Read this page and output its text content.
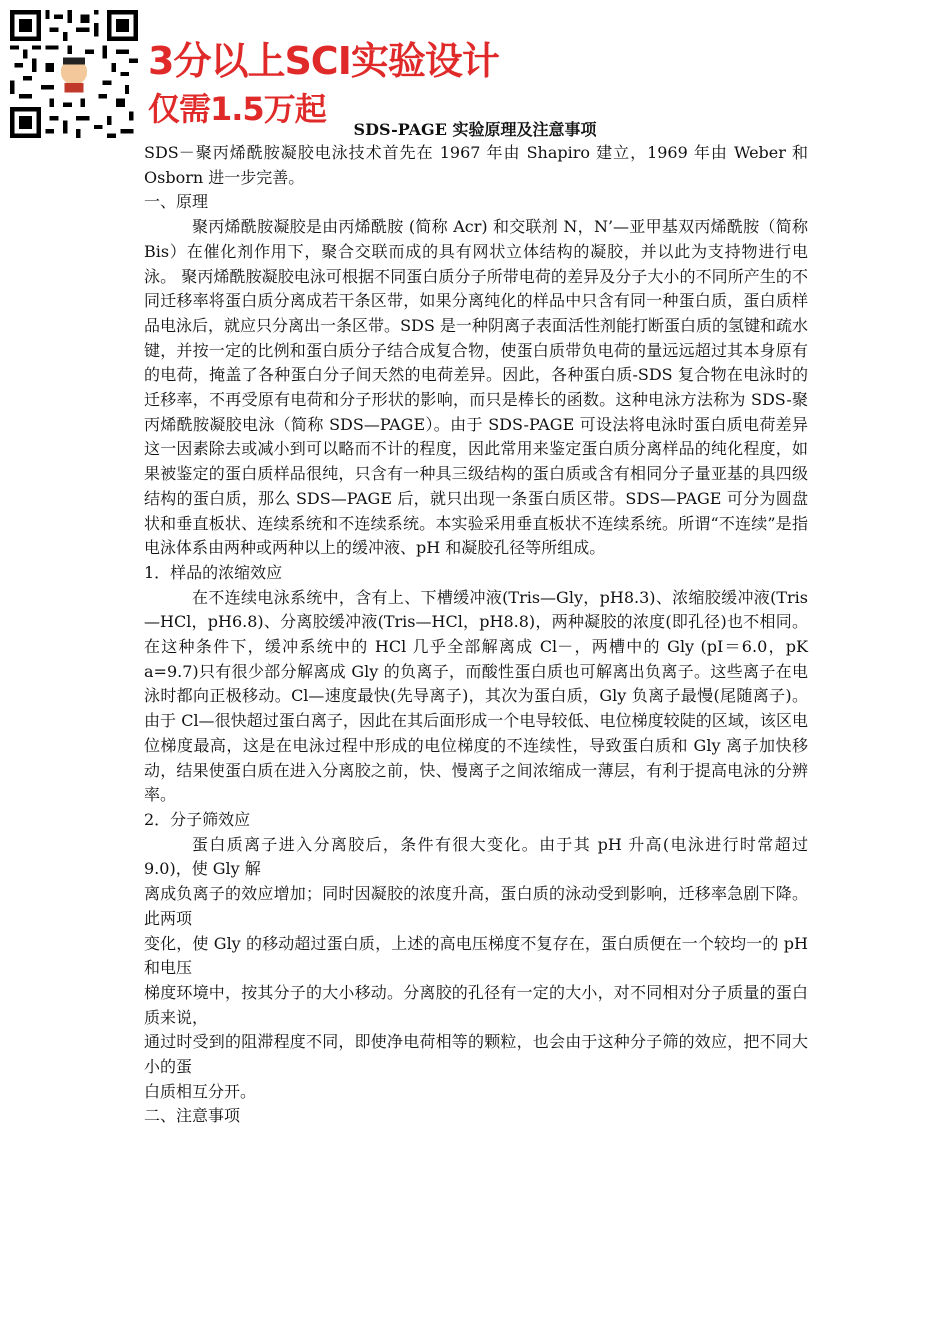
3分以上SCI实验设计
仅需1.5万起
SDS-PAGE 实验原理及注意事项

SDS－聚丙烯酰胺凝胶电泳技术首先在 1967 年由 Shapiro 建立，1969 年由 Weber 和 Osborn 进一步完善。

一、原理

聚丙烯酰胺凝胶是由丙烯酰胺 (简称 Acr) 和交联剂 N，N’—亚甲基双丙烯酰胺（简称 Bis）在催化剂作用下，聚合交联而成的具有网状立体结构的凝胶，并以此为支持物进行电泳。 聚丙烯酰胺凝胶电泳可根据不同蛋白质分子所带电荷的差异及分子大小的不同所产生的不同迁移率将蛋白质分离成若干条区带，如果分离纯化的样品中只含有同一种蛋白质，蛋白质样品电泳后，就应只分离出一条区带。SDS 是一种阴离子表面活性剂能打断蛋白质的氢键和疏水键，并按一定的比例和蛋白质分子结合成复合物，使蛋白质带负电荷的量远远超过其本身原有的电荷，掩盖了各种蛋白分子间天然的电荷差异。因此，各种蛋白质-SDS 复合物在电泳时的迁移率，不再受原有电荷和分子形状的影响，而只是棒长的函数。这种电泳方法称为 SDS-聚丙烯酰胺凝胶电泳（简称 SDS—PAGE）。由于 SDS-PAGE 可设法将电泳时蛋白质电荷差异这一因素除去或减小到可以略而不计的程度，因此常用来鉴定蛋白质分离样品的纯化程度，如果被鉴定的蛋白质样品很纯，只含有一种具三级结构的蛋白质或含有相同分子量亚基的具四级结构的蛋白质，那么 SDS—PAGE 后，就只出现一条蛋白质区带。SDS—PAGE 可分为圆盘状和垂直板状、连续系统和不连续系统。本实验采用垂直板状不连续系统。所谓“不连续”是指电泳体系由两种或两种以上的缓冲液、pH 和凝胶孔径等所组成。

1．样品的浓缩效应

在不连续电泳系统中，含有上、下槽缓冲液(Tris—Gly，pH8.3)、浓缩胶缓冲液(Tris—HCl，pH6.8)、分离胶缓冲液(Tris—HCl，pH8.8)，两种凝胶的浓度(即孔径)也不相同。在这种条件下，缓冲系统中的 HCl 几乎全部解离成 Cl－，两槽中的 Gly (pI＝6.0，pK a=9.7)只有很少部分解离成 Gly 的负离子，而酸性蛋白质也可解离出负离子。这些离子在电泳时都向正极移动。Cl—速度最快(先导离子)，其次为蛋白质，Gly 负离子最慢(尾随离子)。由于 Cl—很快超过蛋白离子，因此在其后面形成一个电导较低、电位梯度较陡的区域，该区电位梯度最高，这是在电泳过程中形成的电位梯度的不连续性，导致蛋白质和 Gly 离子加快移动，结果使蛋白质在进入分离胶之前，快、慢离子之间浓缩成一薄层，有利于提高电泳的分辨率。

2．分子筛效应

蛋白质离子进入分离胶后，条件有很大变化。由于其 pH 升高(电泳进行时常超过 9.0)，使 Gly 解

离成负离子的效应增加；同时因凝胶的浓度升高，蛋白质的泳动受到影响，迁移率急剧下降。此两项

变化，使 Gly 的移动超过蛋白质，上述的高电压梯度不复存在，蛋白质便在一个较均一的 pH 和电压

梯度环境中，按其分子的大小移动。分离胶的孔径有一定的大小，对不同相对分子质量的蛋白质来说，

通过时受到的阻滞程度不同，即使净电荷相等的颗粒，也会由于这种分子筛的效应，把不同大小的蛋

白质相互分开。

二、注意事项
